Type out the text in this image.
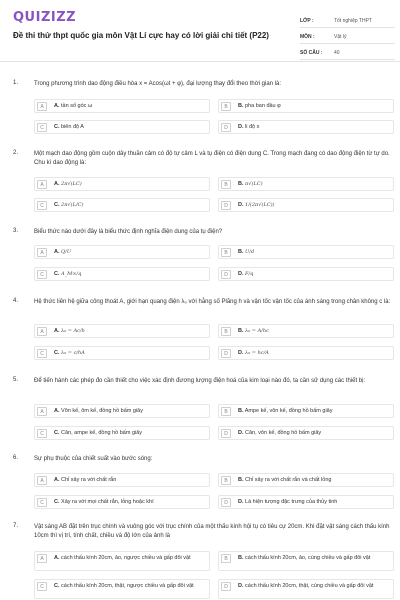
QUIZIZZ
Đề thi thử thpt quốc gia môn Vật Lí cực hay có lời giải chi tiết (P22)
LỚP :	Tốt nghiệp THPT
MÔN :	Vật lý
SỐ CÂU :	40
1.	Trong phương trình dao động điều hòa x = Acos(ωt + φ), đại lượng thay đổi theo thời gian là:
A	A. tần số góc ω	B	B. pha ban đầu φ
C	C. biên độ A	D	D. li độ x
2.	Một mạch dao động gồm cuộn dây thuần cảm có độ tự cảm L và tụ điện có điện dung C. Trong mạch đang có dao động điện từ tự do. Chu kì dao động là:
A	A. 2π√(LC)	B	B. π√(LC)
C	C. 2π√(L/C)	D	D. 1/(2π√(LC))
3.	Biểu thức nào dưới đây là biểu thức định nghĩa điện dung của tụ điện?
A	A. Q/U	B	B. U/d
C	C. A_M∞/q	D	D. F/q
4.	Hệ thức liên hệ giữa công thoát A, giới hạn quang điện λ₀ với hằng số Plăng h và vận tốc vận tốc của ánh sáng trong chân không c là:
A	A. λ₀ = Ac/h	B	B. λ₀ = A/hc
C	C. λ₀ = c/hA	D	D. λ₀ = hc/A
5.	Để tiến hành các phép đo cần thiết cho việc xác định đương lượng điện hoá của kim loại nào đó, ta cần sử dụng các thiết bị:
A	A. Vôn kế, ôm kế, đồng hồ bấm giây	B	B. Ampe kế, vôn kế, đồng hồ bấm giây
C	C. Cân, ampe kế, đồng hồ bấm giây	D	D. Cân, vôn kế, đồng hồ bấm giây
6.	Sự phụ thuộc của chiết suất vào bước sóng:
A	A. Chỉ xảy ra với chất rắn	B	B. Chỉ xảy ra với chất rắn và chất lỏng
C	C. Xảy ra với mọi chất rắn, lỏng hoặc khí	D	D. Là hiện tượng đặc trưng của thủy tinh
7.	Vật sáng AB đặt trên trục chính và vuông góc với trục chính của một thấu kính hội tụ có tiêu cự 20cm. Khi đặt vật sáng cách thấu kính 10cm thì vị trí, tính chất, chiều và độ lớn của ảnh là
A	A. cách thấu kính 20cm, ảo, ngược chiều và gấp đôi vật	B	B. cách thấu kính 20cm, ảo, cùng chiều và gấp đôi vật
C	C. cách thấu kính 20cm, thật, ngược chiều và gấp đôi vật	D	D. cách thấu kính 20cm, thật, cùng chiều và gấp đôi vật
